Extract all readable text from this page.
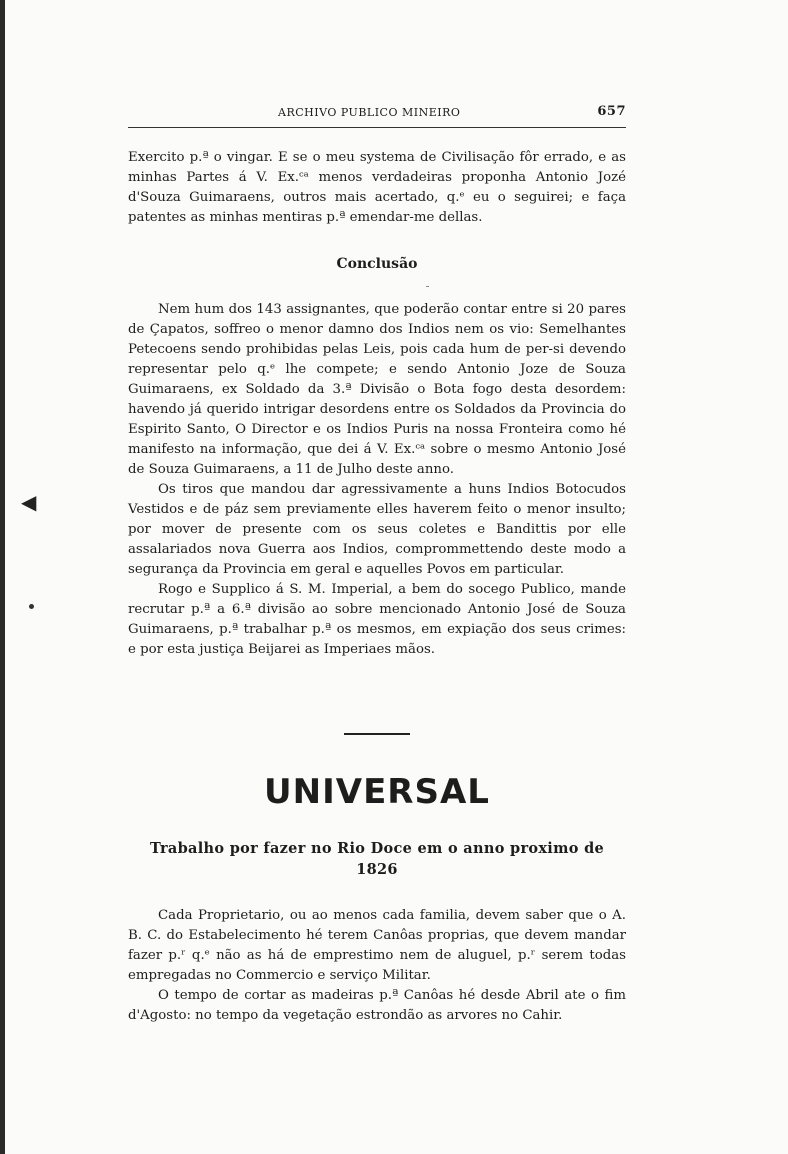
ARCHIVO PUBLICO MINEIRO	657

Exercito p.ª o vingar. E se o meu systema de Civilisação fôr errado, e as minhas Partes á V. Ex.ᶜᵃ menos verdadeiras proponha Antonio Jozé d'Souza Guimaraens, outros mais acertado, q.ᵉ eu o seguirei; e faça patentes as minhas mentiras p.ª emendar-me dellas.

Conclusão

Nem hum dos 143 assignantes, que poderão contar entre si 20 pares de Çapatos, soffreo o menor damno dos Indios nem os vio: Semelhantes Petecoens sendo prohibidas pelas Leis, pois cada hum de per-si devendo representar pelo q.ᵉ lhe compete; e sendo Antonio Joze de Souza Guimaraens, ex Soldado da 3.ª Divisão o Bota fogo desta desordem: havendo já querido intrigar desordens entre os Soldados da Provincia do Espirito Santo, O Director e os Indios Puris na nossa Fronteira como hé manifesto na informação, que dei á V. Ex.ᶜᵃ sobre o mesmo Antonio José de Souza Guimaraens, a 11 de Julho deste anno.

Os tiros que mandou dar agressivamente a huns Indios Botocudos Vestidos e de páz sem previamente elles haverem feito o menor insulto; por mover de presente com os seus coletes e Bandittis por elle assalariados nova Guerra aos Indios, comprommettendo deste modo a segurança da Provincia em geral e aquelles Povos em particular.

Rogo e Supplico á S. M. Imperial, a bem do socego Publico, mande recrutar p.ª a 6.ª divisão ao sobre mencionado Antonio José de Souza Guimaraens, p.ª trabalhar p.ª os mesmos, em expiação dos seus crimes: e por esta justiça Beijarei as Imperiaes mãos.

◀
UNIVERSAL
Trabalho por fazer no Rio Doce em o anno proximo de 1826

Cada Proprietario, ou ao menos cada familia, devem saber que o A. B. C. do Estabelecimento hé terem Canôas proprias, que devem mandar fazer p.ʳ q.ᵉ não as há de emprestimo nem de aluguel, p.ʳ serem todas empregadas no Commercio e serviço Militar.

O tempo de cortar as madeiras p.ª Canôas hé desde Abril ate o fim d'Agosto: no tempo da vegetação estrondão as arvores no Cahir.
